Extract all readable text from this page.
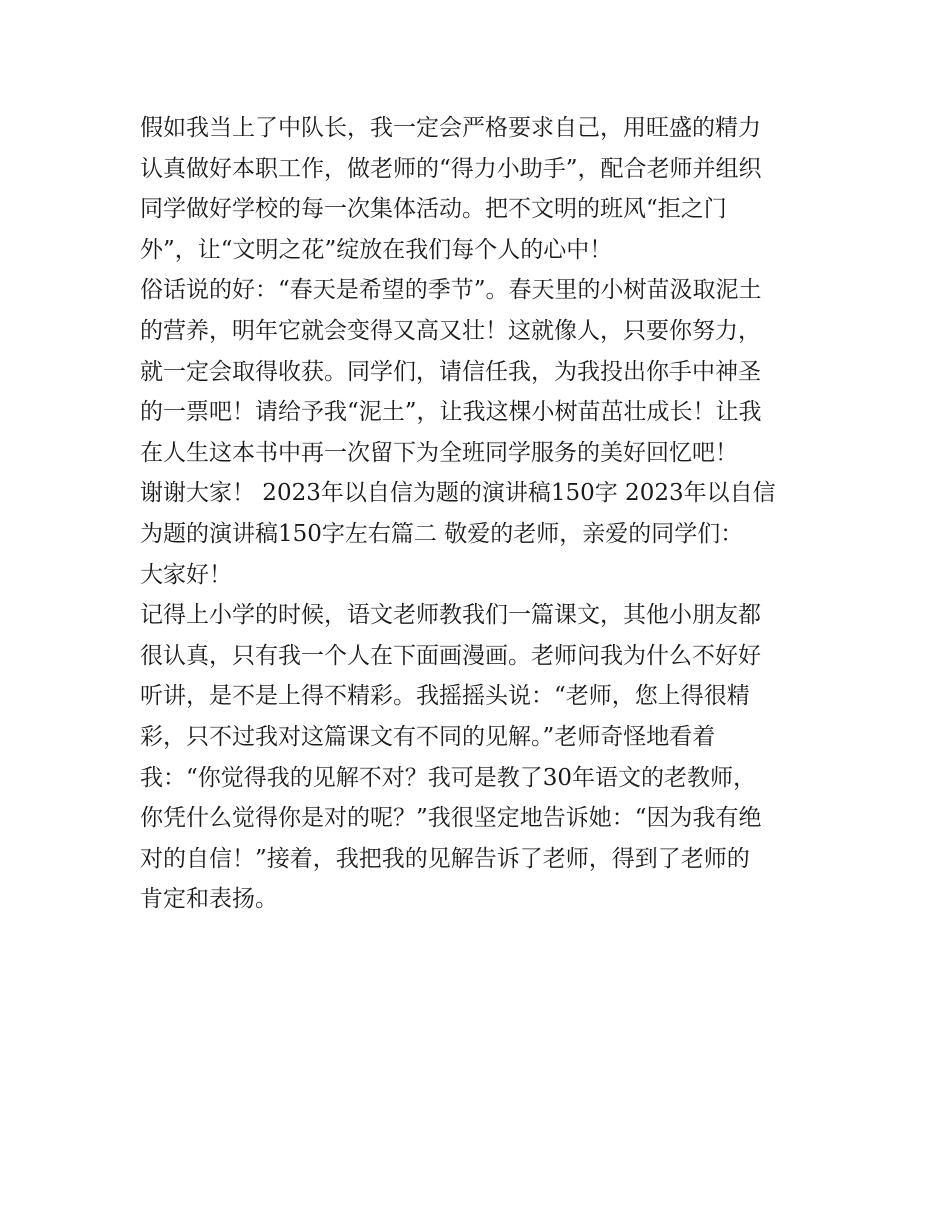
假如我当上了中队长，我一定会严格要求自己，用旺盛的精力
认真做好本职工作，做老师的“得力小助手”，配合老师并组织
同学做好学校的每一次集体活动。把不文明的班风“拒之门
外”，让“文明之花”绽放在我们每个人的心中！
俗话说的好：“春天是希望的季节”。春天里的小树苗汲取泥土
的营养，明年它就会变得又高又壮！这就像人，只要你努力，
就一定会取得收获。同学们，请信任我，为我投出你手中神圣
的一票吧！请给予我“泥土”，让我这棵小树苗茁壮成长！让我
在人生这本书中再一次留下为全班同学服务的美好回忆吧！
谢谢大家！ 2023年以自信为题的演讲稿150字 2023年以自信
为题的演讲稿150字左右篇二 敬爱的老师，亲爱的同学们：
大家好！
记得上小学的时候，语文老师教我们一篇课文，其他小朋友都
很认真，只有我一个人在下面画漫画。老师问我为什么不好好
听讲，是不是上得不精彩。我摇摇头说：“老师，您上得很精
彩，只不过我对这篇课文有不同的见解。”老师奇怪地看着
我：“你觉得我的见解不对？我可是教了30年语文的老教师，
你凭什么觉得你是对的呢？”我很坚定地告诉她：“因为我有绝
对的自信！”接着，我把我的见解告诉了老师，得到了老师的
肯定和表扬。
